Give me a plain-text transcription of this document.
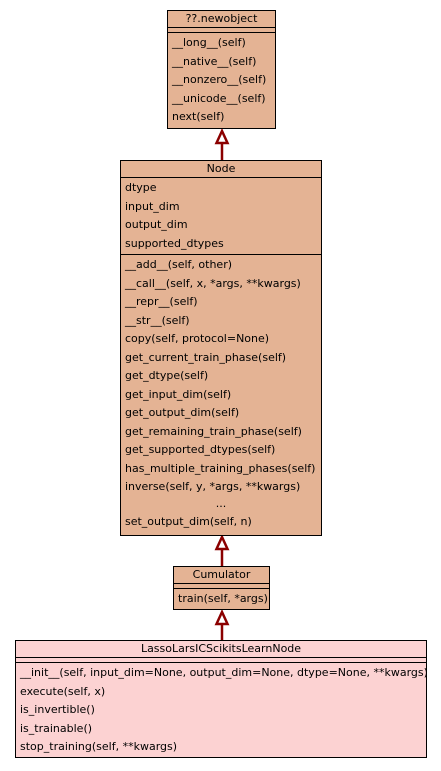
??.newobject
__long__(self)
__native__(self)
__nonzero__(self)
__unicode__(self)
next(self)
Node
dtype
input_dim
output_dim
supported_dtypes
__add__(self, other)
__call__(self, x, *args, **kwargs)
__repr__(self)
__str__(self)
copy(self, protocol=None)
get_current_train_phase(self)
get_dtype(self)
get_input_dim(self)
get_output_dim(self)
get_remaining_train_phase(self)
get_supported_dtypes(self)
has_multiple_training_phases(self)
inverse(self, y, *args, **kwargs)
...
set_output_dim(self, n)
Cumulator
train(self, *args)
LassoLarsICScikitsLearnNode
__init__(self, input_dim=None, output_dim=None, dtype=None, **kwargs)
execute(self, x)
is_invertible()
is_trainable()
stop_training(self, **kwargs)
